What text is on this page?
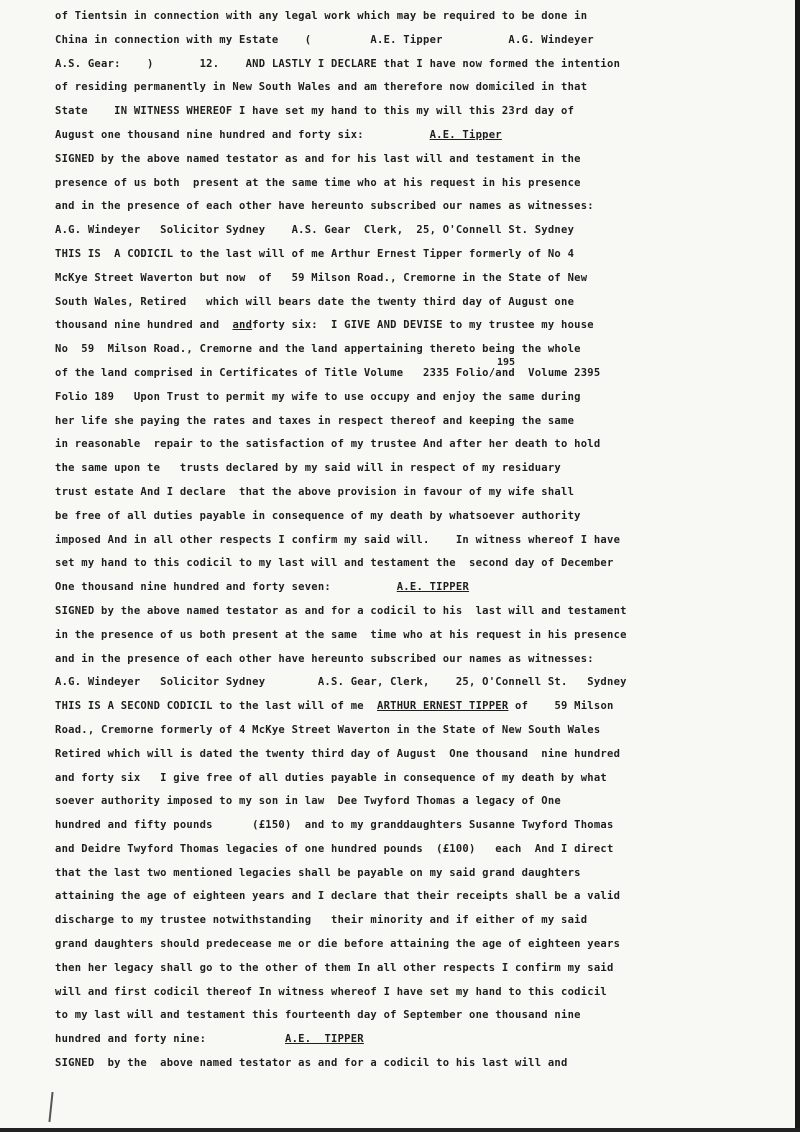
of Tientsin in connection with any legal work which may be required to be done in
China in connection with my Estate    (         A.E. Tipper          A.G. Windeyer
A.S. Gear:    )       12.    AND LASTLY I DECLARE that I have now formed the intention
of residing permanently in New South Wales and am therefore now domiciled in that
State    IN WITNESS WHEREOF I have set my hand to this my will this 23rd day of
August one thousand nine hundred and forty six:          A.E. Tipper
SIGNED by the above named testator as and for his last will and testament in the
presence of us both  present at the same time who at his request in his presence
and in the presence of each other have hereunto subscribed our names as witnesses:
A.G. Windeyer   Solicitor Sydney    A.S. Gear  Clerk,  25, O'Connell St. Sydney
THIS IS  A CODICIL to the last will of me Arthur Ernest Tipper formerly of No 4
McKye Street Waverton but now  of   59 Milson Road., Cremorne in the State of New
South Wales, Retired   which will bears date the twenty third day of August one
thousand nine hundred and  andforty six:  I GIVE AND DEVISE to my trustee my house
No  59  Milson Road., Cremorne and the land appertaining thereto being the whole
of the land comprised in Certificates of Title Volume   2335 Folio/and  Volume 2395
Folio 189   Upon Trust to permit my wife to use occupy and enjoy the same during
her life she paying the rates and taxes in respect thereof and keeping the same
in reasonable  repair to the satisfaction of my trustee And after her death to hold
the same upon te   trusts declared by my said will in respect of my residuary
trust estate And I declare  that the above provision in favour of my wife shall
be free of all duties payable in consequence of my death by whatsoever authority
imposed And in all other respects I confirm my said will.    In witness whereof I have
set my hand to this codicil to my last will and testament the  second day of December
One thousand nine hundred and forty seven:          A.E. TIPPER
SIGNED by the above named testator as and for a codicil to his  last will and testament
in the presence of us both present at the same  time who at his request in his presence
and in the presence of each other have hereunto subscribed our names as witnesses:
A.G. Windeyer   Solicitor Sydney        A.S. Gear, Clerk,    25, O'Connell St.   Sydney
THIS IS A SECOND CODICIL to the last will of me  ARTHUR ERNEST TIPPER of    59 Milson
Road., Cremorne formerly of 4 McKye Street Waverton in the State of New South Wales
Retired which will is dated the twenty third day of August  One thousand  nine hundred
and forty six   I give free of all duties payable in consequence of my death by what
soever authority imposed to my son in law  Dee Twyford Thomas a legacy of One
hundred and fifty pounds      (£150)  and to my granddaughters Susanne Twyford Thomas
and Deidre Twyford Thomas legacies of one hundred pounds  (£100)   each  And I direct
that the last two mentioned legacies shall be payable on my said grand daughters
attaining the age of eighteen years and I declare that their receipts shall be a valid
discharge to my trustee notwithstanding   their minority and if either of my said
grand daughters should predecease me or die before attaining the age of eighteen years
then her legacy shall go to the other of them In all other respects I confirm my said
will and first codicil thereof In witness whereof I have set my hand to this codicil
to my last will and testament this fourteenth day of September one thousand nine
hundred and forty nine:            A.E.  TIPPER
SIGNED  by the  above named testator as and for a codicil to his last will and
195
